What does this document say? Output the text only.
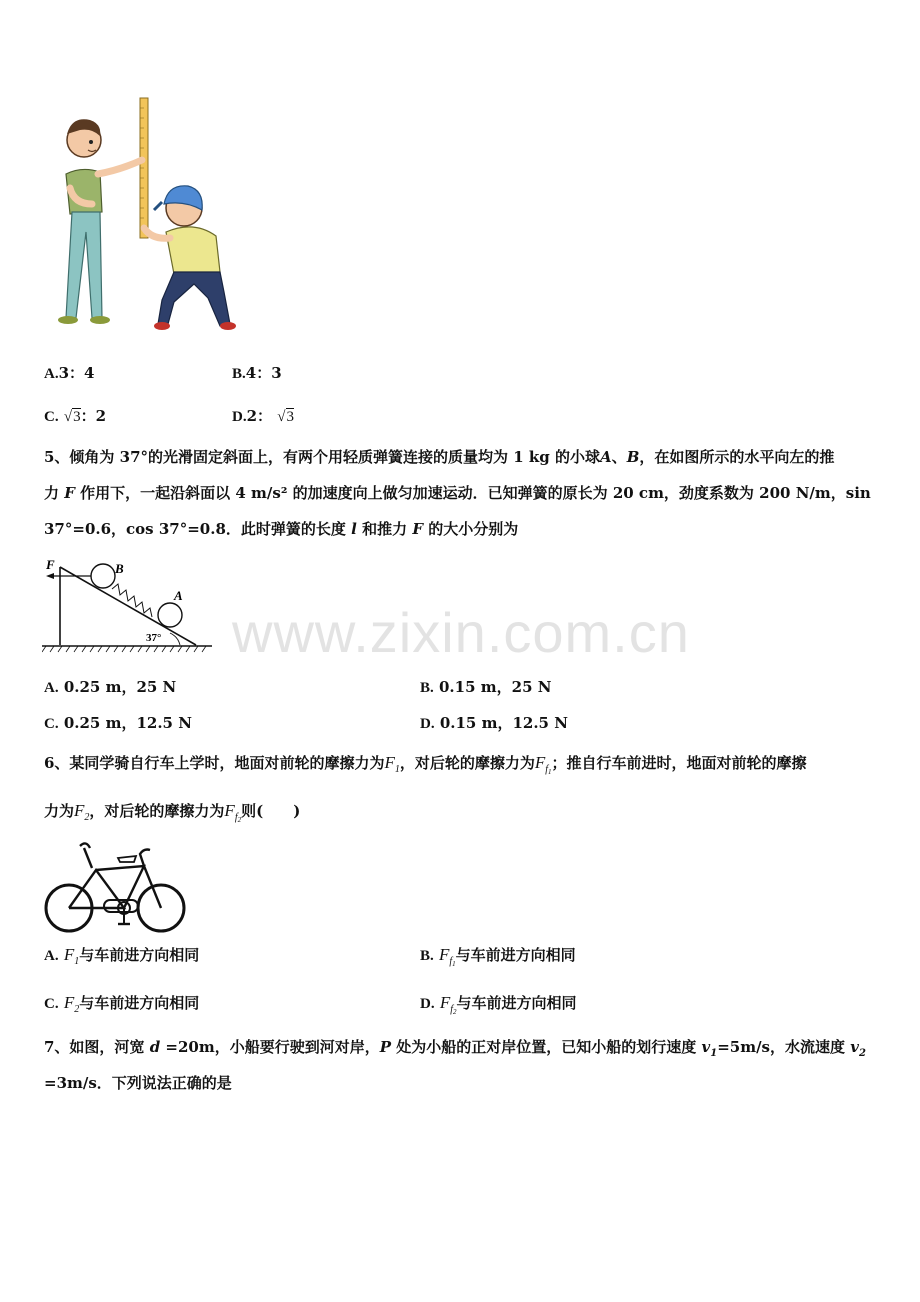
www.zixin.com.cn
A.3：4	B.4：3
C. √3：2	D.2： √3
5、倾角为 37°的光滑固定斜面上，有两个用轻质弹簧连接的质量均为 1 kg 的小球A、B，在如图所示的水平向左的推
力 F 作用下，一起沿斜面以 4 m/s² 的加速度向上做匀加速运动．已知弹簧的原长为 20 cm，劲度系数为 200 N/m，sin
37°=0.6，cos 37°=0.8．此时弹簧的长度 l 和推力 F 的大小分别为
F	B
A
37°
A. 0.25 m，25 N	B. 0.15 m，25 N
C. 0.25 m，12.5 N	D. 0.15 m，12.5 N
6、某同学骑自行车上学时，地面对前轮的摩擦力为$F_1$，对后轮的摩擦力为$F_{f_1}$；推自行车前进时，地面对前轮的摩擦
力为$F_2$，对后轮的摩擦力为$F_{f_2}$则(　　)
A. $F_1$与车前进方向相同	B. $F_{f_1}$与车前进方向相同
C. $F_2$与车前进方向相同	D. $F_{f_2}$与车前进方向相同
7、如图，河宽 d =20m，小船要行驶到河对岸，P 处为小船的正对岸位置，已知小船的划行速度 $v_1=5m/s$，水流速度 $v_2$
=3m/s．下列说法正确的是
